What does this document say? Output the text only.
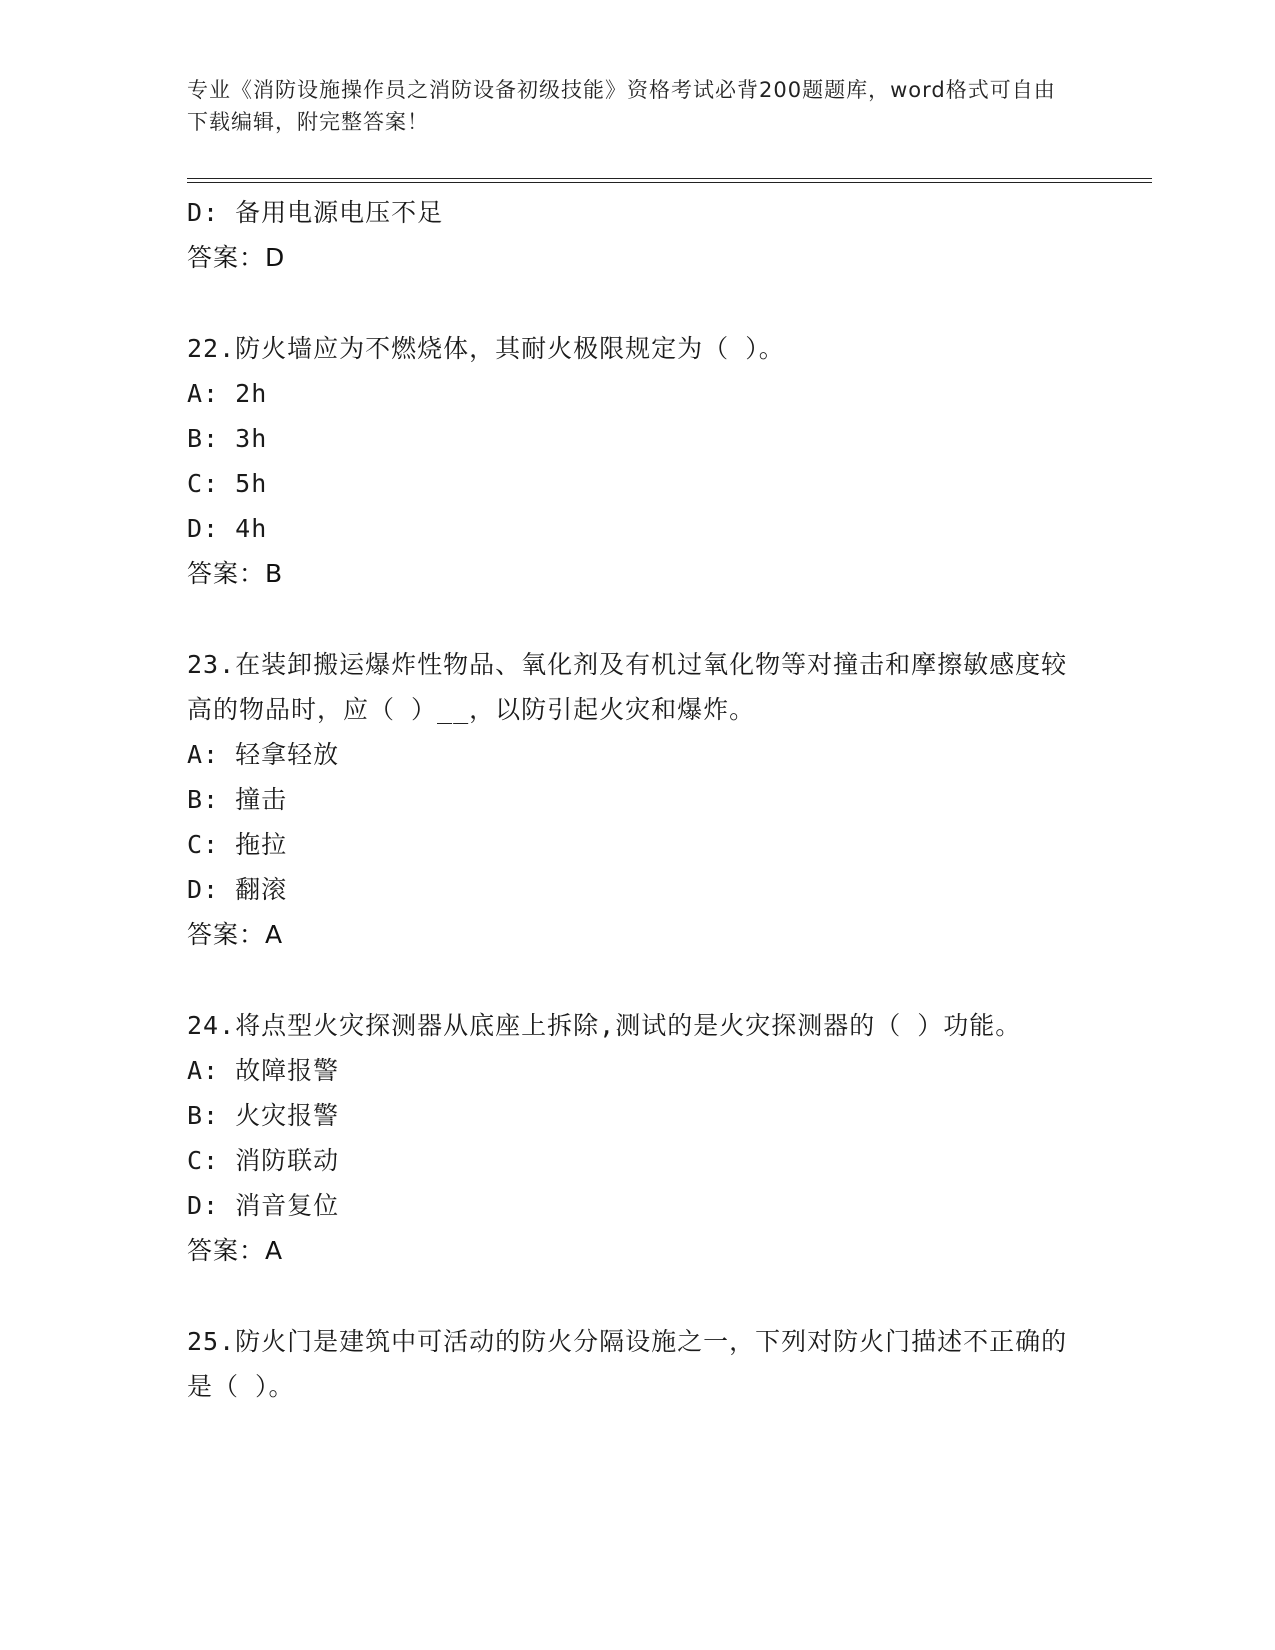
专业《消防设施操作员之消防设备初级技能》资格考试必背200题题库，word格式可自由下载编辑，附完整答案！
D: 备用电源电压不足
答案：D
22.防火墙应为不燃烧体，其耐火极限规定为（ ）。
A: 2h
B: 3h
C: 5h
D: 4h
答案：B
23.在装卸搬运爆炸性物品、氧化剂及有机过氧化物等对撞击和摩擦敏感度较高的物品时，应（ ）__，以防引起火灾和爆炸。
A: 轻拿轻放
B: 撞击
C: 拖拉
D: 翻滚
答案：A
24.将点型火灾探测器从底座上拆除,测试的是火灾探测器的（ ）功能。
A: 故障报警
B: 火灾报警
C: 消防联动
D: 消音复位
答案：A
25.防火门是建筑中可活动的防火分隔设施之一，下列对防火门描述不正确的是（ ）。
